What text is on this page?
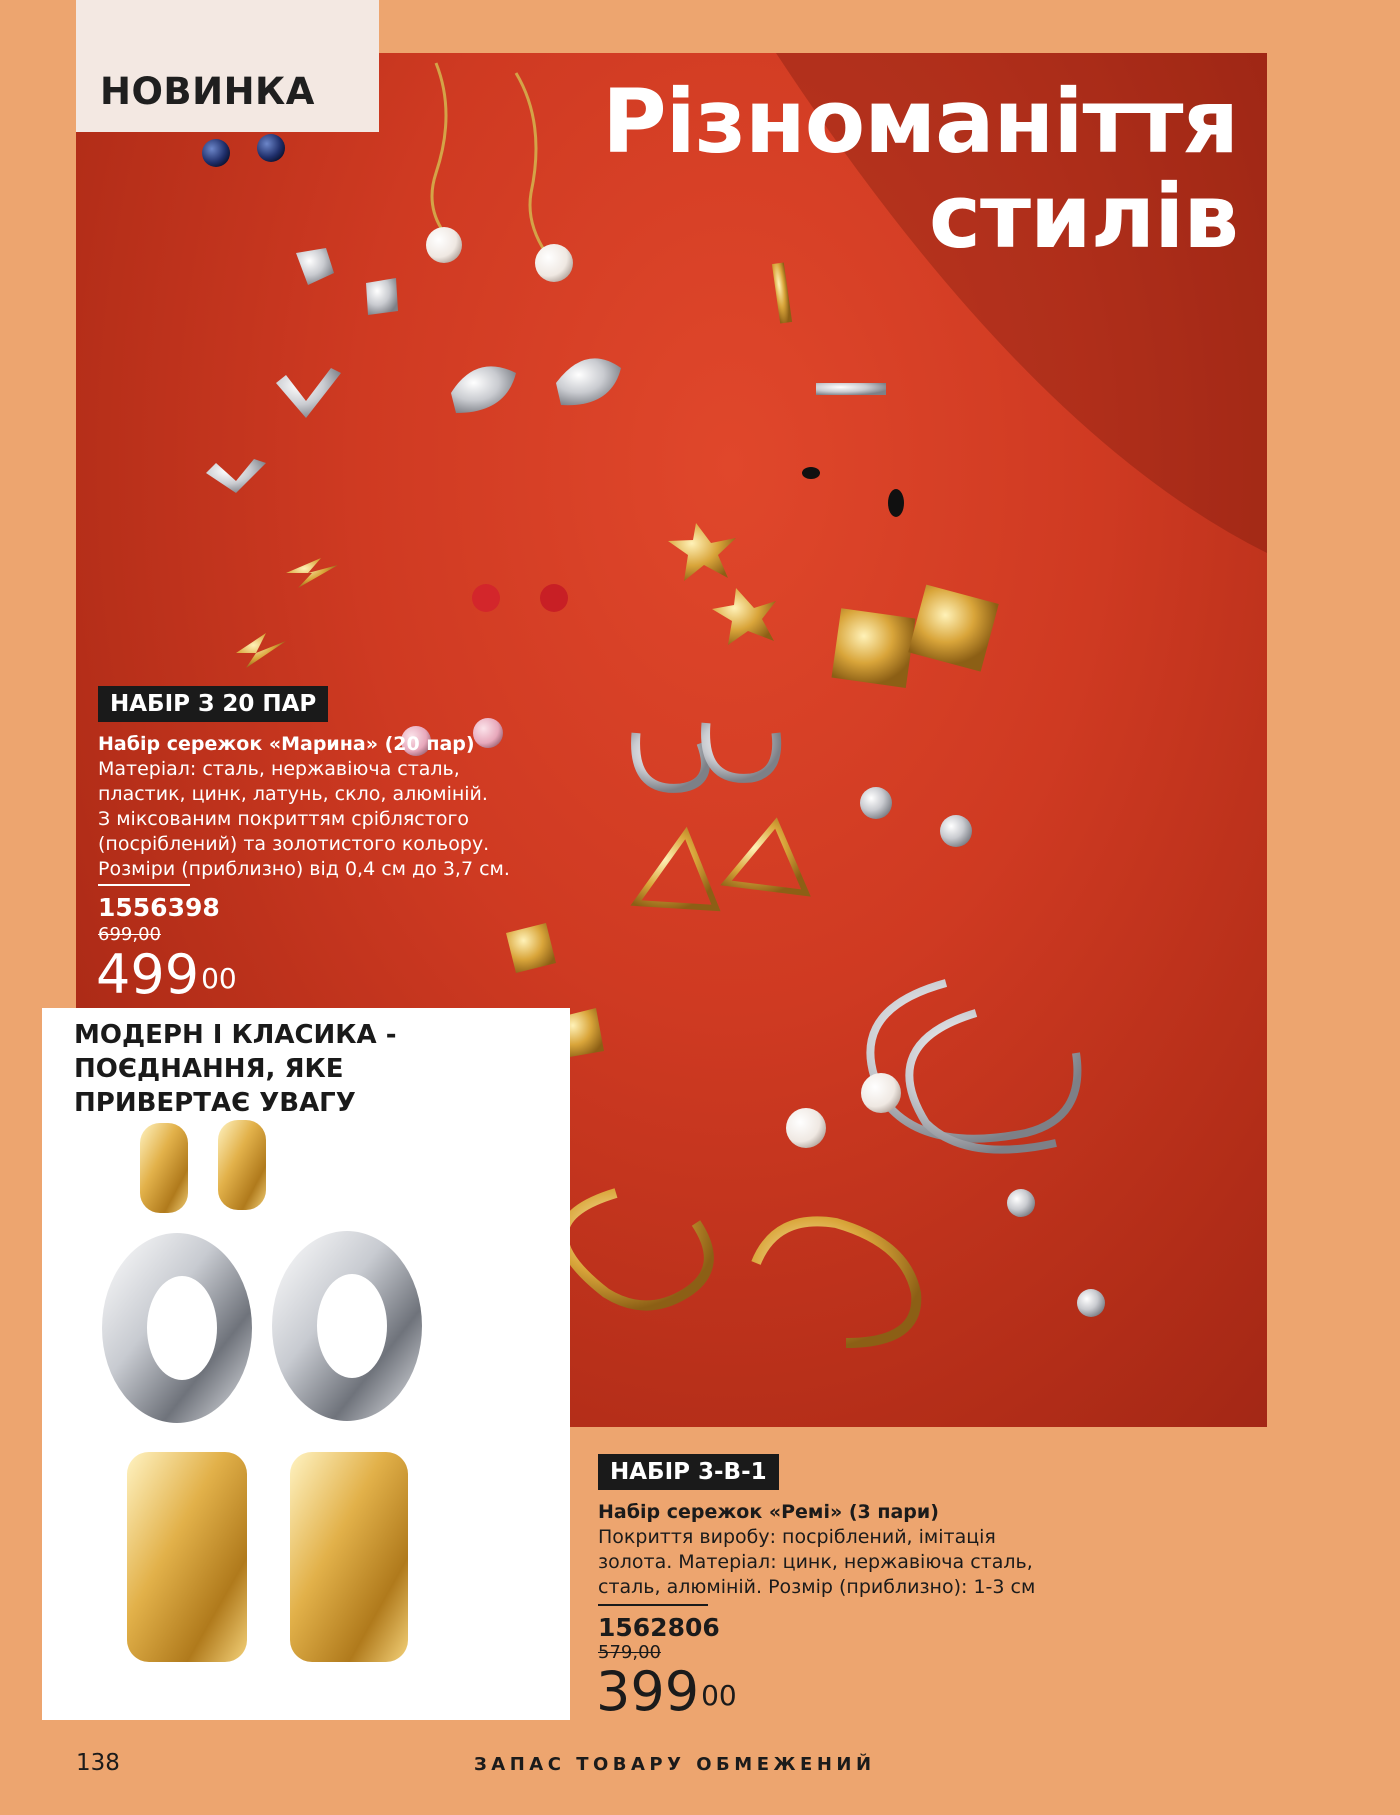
НОВИНКА	Різноманіття
стилів
НАБІР З 20 ПАР
Набір сережок «Марина» (20 пар)
Матеріал: сталь, нержавіюча сталь,
пластик, цинк, латунь, скло, алюміній.
З міксованим покриттям сріблястого
(посріблений) та золотистого кольору.
Розміри (приблизно) від 0,4 см до 3,7 см.
1556398
699,00
$499^{00}$
МОДЕРН І КЛАСИКА - ПОЄДНАННЯ, ЯКЕ ПРИВЕРТАЄ УВАГУ
НАБІР 3-В-1
Набір сережок «Ремі» (3 пари)
Покриття виробу: посріблений, імітація
золота. Матеріал: цинк, нержавіюча сталь,
сталь, алюміній. Розмір (приблизно): 1-3 см
1562806
579,00
$399^{00}$
138	ЗАПАС ТОВАРУ ОБМЕЖЕНИЙ
